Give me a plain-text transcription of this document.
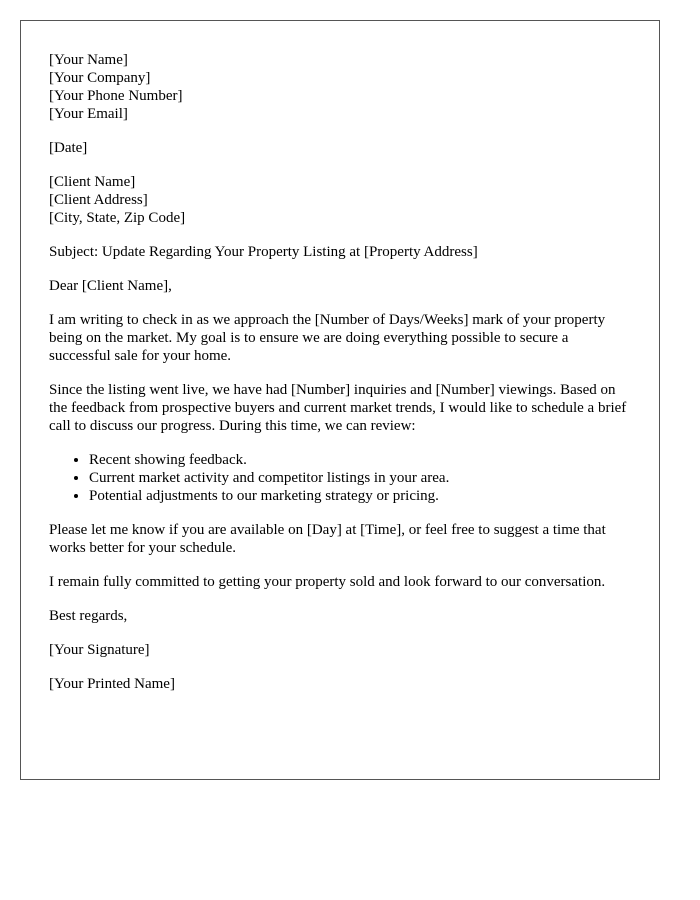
[Your Name]
[Your Company]
[Your Phone Number]
[Your Email]

[Date]

[Client Name]
[Client Address]
[City, State, Zip Code]

Subject: Update Regarding Your Property Listing at [Property Address]

Dear [Client Name],

I am writing to check in as we approach the [Number of Days/Weeks] mark of your property being on the market. My goal is to ensure we are doing everything possible to secure a successful sale for your home.

Since the listing went live, we have had [Number] inquiries and [Number] viewings. Based on the feedback from prospective buyers and current market trends, I would like to schedule a brief call to discuss our progress. During this time, we can review:

• Recent showing feedback.
• Current market activity and competitor listings in your area.
• Potential adjustments to our marketing strategy or pricing.

Please let me know if you are available on [Day] at [Time], or feel free to suggest a time that works better for your schedule.

I remain fully committed to getting your property sold and look forward to our conversation.

Best regards,

[Your Signature]

[Your Printed Name]
